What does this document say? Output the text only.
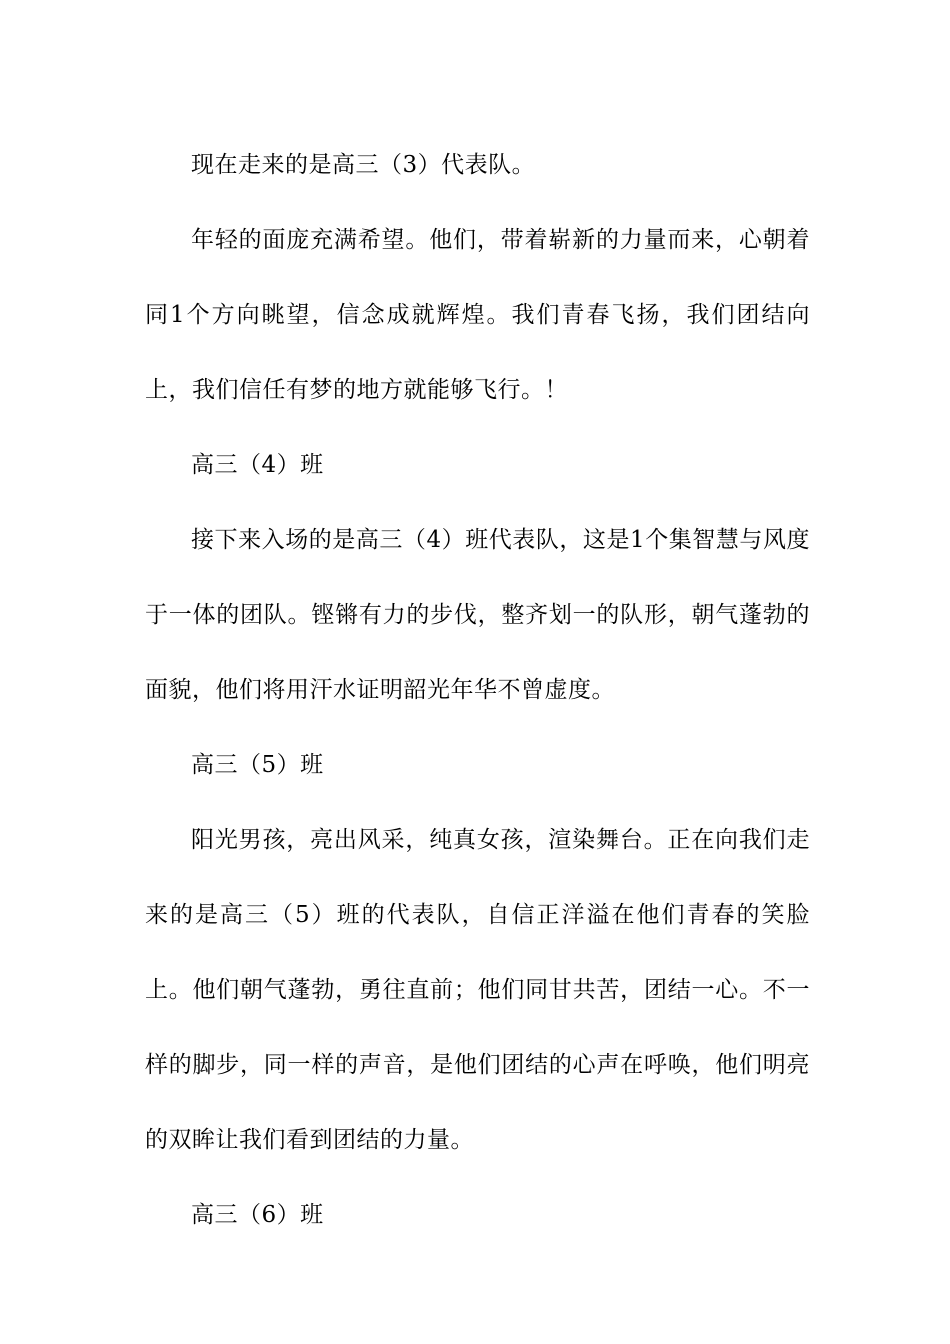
现在走来的是高三（3）代表队。

年轻的面庞充满希望。他们，带着崭新的力量而来，心朝着同1个方向眺望，信念成就辉煌。我们青春飞扬，我们团结向上，我们信任有梦的地方就能够飞行。！

高三（4）班

接下来入场的是高三（4）班代表队，这是1个集智慧与风度于一体的团队。铿锵有力的步伐，整齐划一的队形，朝气蓬勃的面貌，他们将用汗水证明韶光年华不曾虚度。

高三（5）班

阳光男孩，亮出风采，纯真女孩，渲染舞台。正在向我们走来的是高三（5）班的代表队，自信正洋溢在他们青春的笑脸上。他们朝气蓬勃，勇往直前；他们同甘共苦，团结一心。不一样的脚步，同一样的声音，是他们团结的心声在呼唤，他们明亮的双眸让我们看到团结的力量。

高三（6）班
